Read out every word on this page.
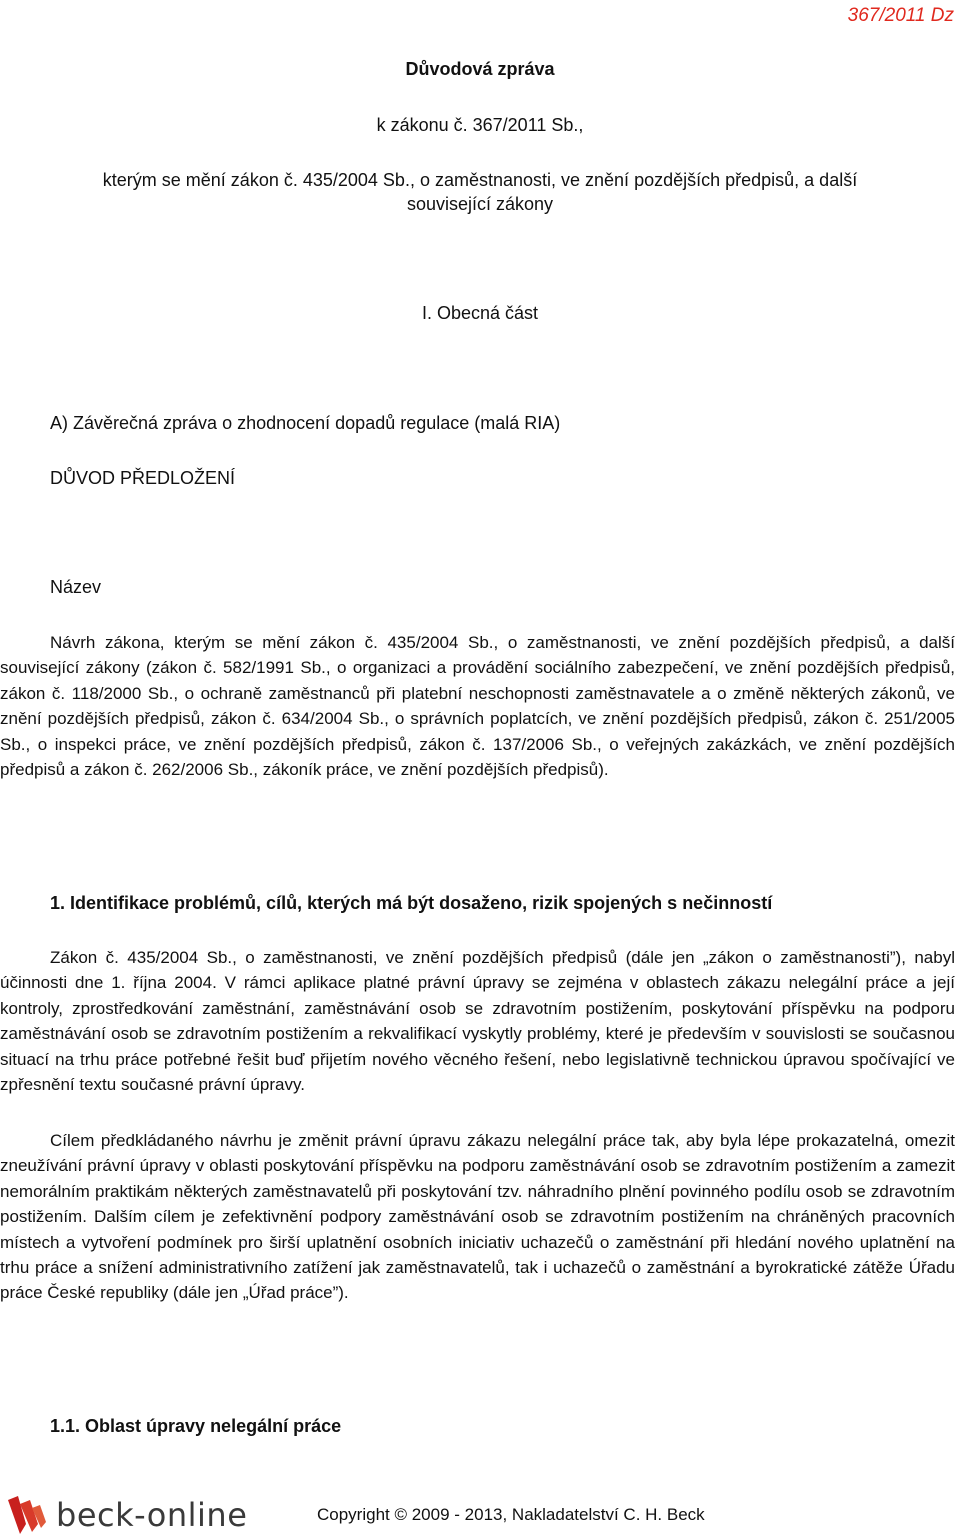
367/2011 Dz
Důvodová zpráva
k zákonu č. 367/2011 Sb.,
kterým se mění zákon č. 435/2004 Sb., o zaměstnanosti, ve znění pozdějších předpisů, a další
související zákony
I. Obecná část
A) Závěrečná zpráva o zhodnocení dopadů regulace (malá RIA)
DŮVOD PŘEDLOŽENÍ
Název
Návrh zákona, kterým se mění zákon č. 435/2004 Sb., o zaměstnanosti, ve znění pozdějších předpisů, a další související zákony (zákon č. 582/1991 Sb., o organizaci a provádění sociálního zabezpečení, ve znění pozdějších předpisů, zákon č. 118/2000 Sb., o ochraně zaměstnanců při platební neschopnosti zaměstnavatele a o změně některých zákonů, ve znění pozdějších předpisů, zákon č. 634/2004 Sb., o správních poplatcích, ve znění pozdějších předpisů, zákon č. 251/2005 Sb., o inspekci práce, ve znění pozdějších předpisů, zákon č. 137/2006 Sb., o veřejných zakázkách, ve znění pozdějších předpisů a zákon č. 262/2006 Sb., zákoník práce, ve znění pozdějších předpisů).
1. Identifikace problémů, cílů, kterých má být dosaženo, rizik spojených s nečinností
Zákon č. 435/2004 Sb., o zaměstnanosti, ve znění pozdějších předpisů (dále jen „zákon o zaměstnanosti”), nabyl účinnosti dne 1. října 2004. V rámci aplikace platné právní úpravy se zejména v oblastech zákazu nelegální práce a její kontroly, zprostředkování zaměstnání, zaměstnávání osob se zdravotním postižením, poskytování příspěvku na podporu zaměstnávání osob se zdravotním postižením a rekvalifikací vyskytly problémy, které je především v souvislosti se současnou situací na trhu práce potřebné řešit buď přijetím nového věcného řešení, nebo legislativně technickou úpravou spočívající ve zpřesnění textu současné právní úpravy.
Cílem předkládaného návrhu je změnit právní úpravu zákazu nelegální práce tak, aby byla lépe prokazatelná, omezit zneužívání právní úpravy v oblasti poskytování příspěvku na podporu zaměstnávání osob se zdravotním postižením a zamezit nemorálním praktikám některých zaměstnavatelů při poskytování tzv. náhradního plnění povinného podílu osob se zdravotním postižením. Dalším cílem je zefektivnění podpory zaměstnávání osob se zdravotním postižením na chráněných pracovních místech a vytvoření podmínek pro širší uplatnění osobních iniciativ uchazečů o zaměstnání při hledání nového uplatnění na trhu práce a snížení administrativního zatížení jak zaměstnavatelů, tak i uchazečů o zaměstnání a byrokratické zátěže Úřadu práce České republiky (dále jen „Úřad práce”).
1.1. Oblast úpravy nelegální práce
beck-online	Copyright © 2009 - 2013, Nakladatelství C. H. Beck
